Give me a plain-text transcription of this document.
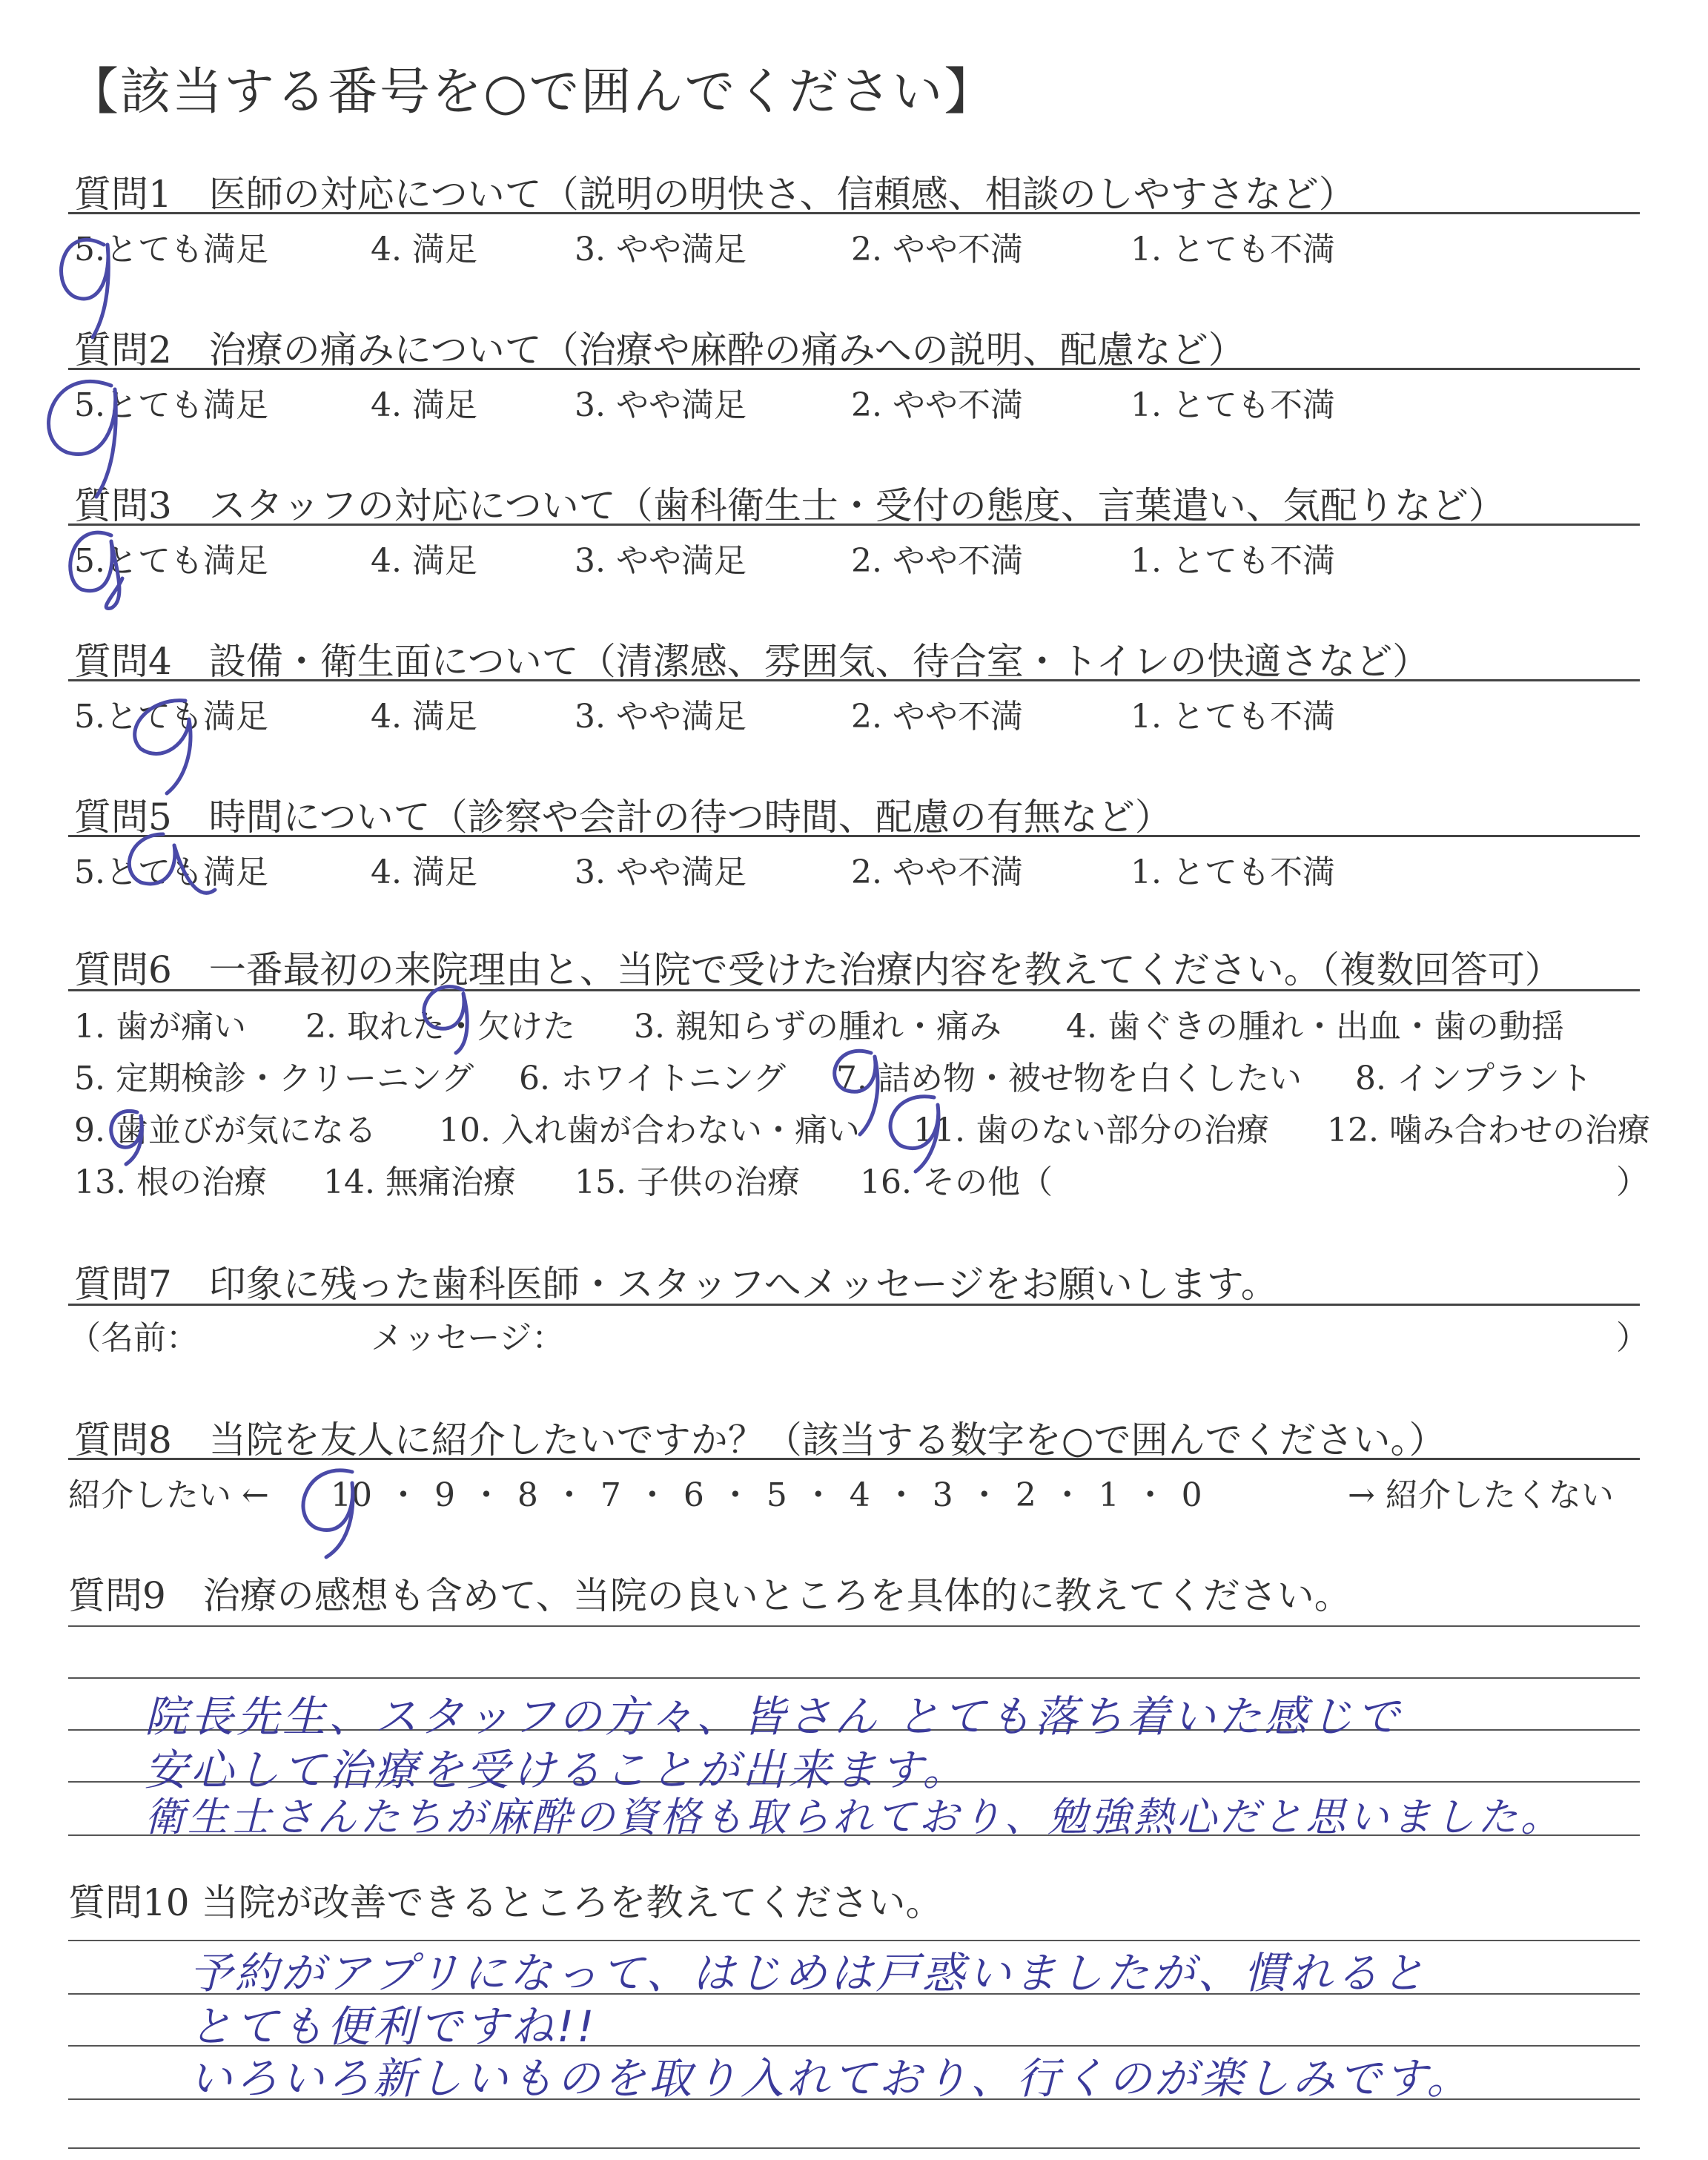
【該当する番号を○で囲んでください】
質問1　医師の対応について（説明の明快さ、信頼感、相談のしやすさなど）
5.とても満足	4. 満足	3. やや満足	2. やや不満	1. とても不満
質問2　治療の痛みについて（治療や麻酔の痛みへの説明、配慮など）
5.とても満足	4. 満足	3. やや満足	2. やや不満	1. とても不満
質問3　スタッフの対応について（歯科衛生士・受付の態度、言葉遣い、気配りなど）
5.とても満足	4. 満足	3. やや満足	2. やや不満	1. とても不満
質問4　設備・衛生面について（清潔感、雰囲気、待合室・トイレの快適さなど）
5.とても満足	4. 満足	3. やや満足	2. やや不満	1. とても不満
質問5　時間について（診察や会計の待つ時間、配慮の有無など）
5.とても満足	4. 満足	3. やや満足	2. やや不満	1. とても不満
質問6　一番最初の来院理由と、当院で受けた治療内容を教えてください。（複数回答可）
1. 歯が痛い 2. 取れた・欠けた 3. 親知らずの腫れ・痛み 4. 歯ぐきの腫れ・出血・歯の動揺
5. 定期検診・クリーニング 6. ホワイトニング 7. 詰め物・被せ物を白くしたい 8. インプラント
9. 歯並びが気になる 10. 入れ歯が合わない・痛い 11. 歯のない部分の治療 12. 噛み合わせの治療
13. 根の治療 14. 無痛治療 15. 子供の治療 16. その他（	）
質問7　印象に残った歯科医師・スタッフへメッセージをお願いします。
（名前：	メッセージ：	）
質問8　当院を友人に紹介したいですか？（該当する数字を○で囲んでください。）
紹介したい ← 10 ・ 9 ・ 8 ・ 7 ・ 6 ・ 5 ・ 4 ・ 3 ・ 2 ・ 1 ・ 0	→ 紹介したくない
質問9　治療の感想も含めて、当院の良いところを具体的に教えてください。
院長先生、スタッフの方々、皆さん とても落ち着いた感じで
安心して治療を受けることが出来ます。
衛生士さんたちが麻酔の資格も取られており、勉強熱心だと思いました。
質問10 当院が改善できるところを教えてください。
予約がアプリになって、はじめは戸惑いましたが、慣れると
とても便利ですね!!
いろいろ新しいものを取り入れており、行くのが楽しみです。
